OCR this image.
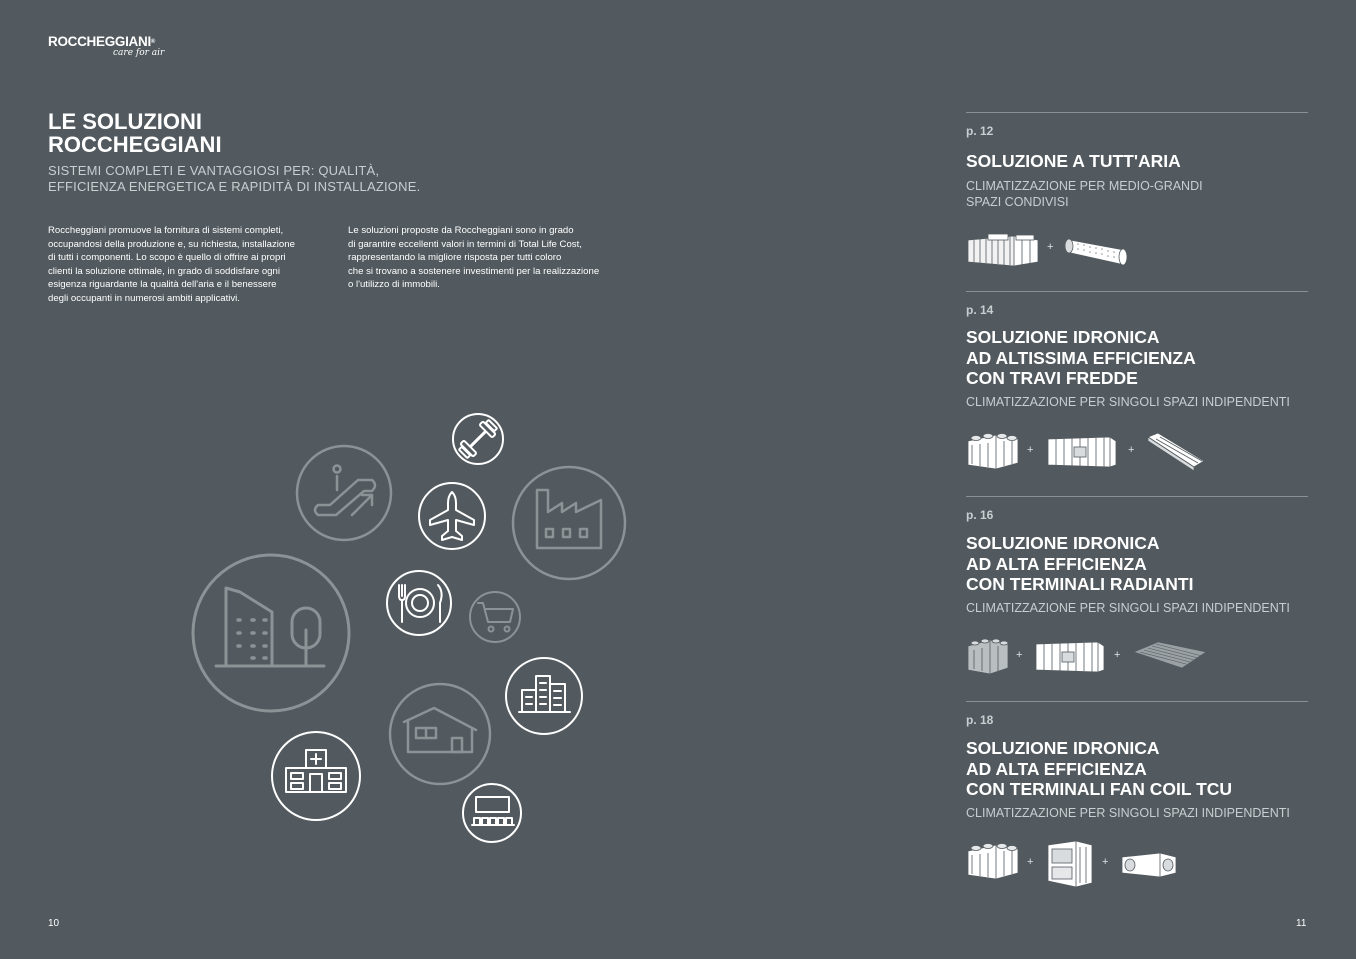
ROCCHEGGIANI®
care for air
LE SOLUZIONI
ROCCHEGGIANI
SISTEMI COMPLETI E VANTAGGIOSI PER: QUALITÀ,
EFFICIENZA ENERGETICA E RAPIDITÀ DI INSTALLAZIONE.
Roccheggiani promuove la fornitura di sistemi completi,
occupandosi della produzione e, su richiesta, installazione
di tutti i componenti. Lo scopo è quello di offrire ai propri
clienti la soluzione ottimale, in grado di soddisfare ogni
esigenza riguardante la qualità dell'aria e il benessere
degli occupanti in numerosi ambiti applicativi.
Le soluzioni proposte da Roccheggiani sono in grado
di garantire eccellenti valori in termini di Total Life Cost,
rappresentando la migliore risposta per tutti coloro
che si trovano a sostenere investimenti per la realizzazione
o l'utilizzo di immobili.
p. 12
SOLUZIONE A TUTT'ARIA
CLIMATIZZAZIONE PER MEDIO-GRANDI
SPAZI CONDIVISI
+
p. 14
SOLUZIONE IDRONICA
AD ALTISSIMA EFFICIENZA
CON TRAVI FREDDE
CLIMATIZZAZIONE PER SINGOLI SPAZI INDIPENDENTI
+	+
p. 16
SOLUZIONE IDRONICA
AD ALTA EFFICIENZA
CON TERMINALI RADIANTI
CLIMATIZZAZIONE PER SINGOLI SPAZI INDIPENDENTI
+	+
p. 18
SOLUZIONE IDRONICA
AD ALTA EFFICIENZA
CON TERMINALI FAN COIL TCU
CLIMATIZZAZIONE PER SINGOLI SPAZI INDIPENDENTI
+	+
10	11
